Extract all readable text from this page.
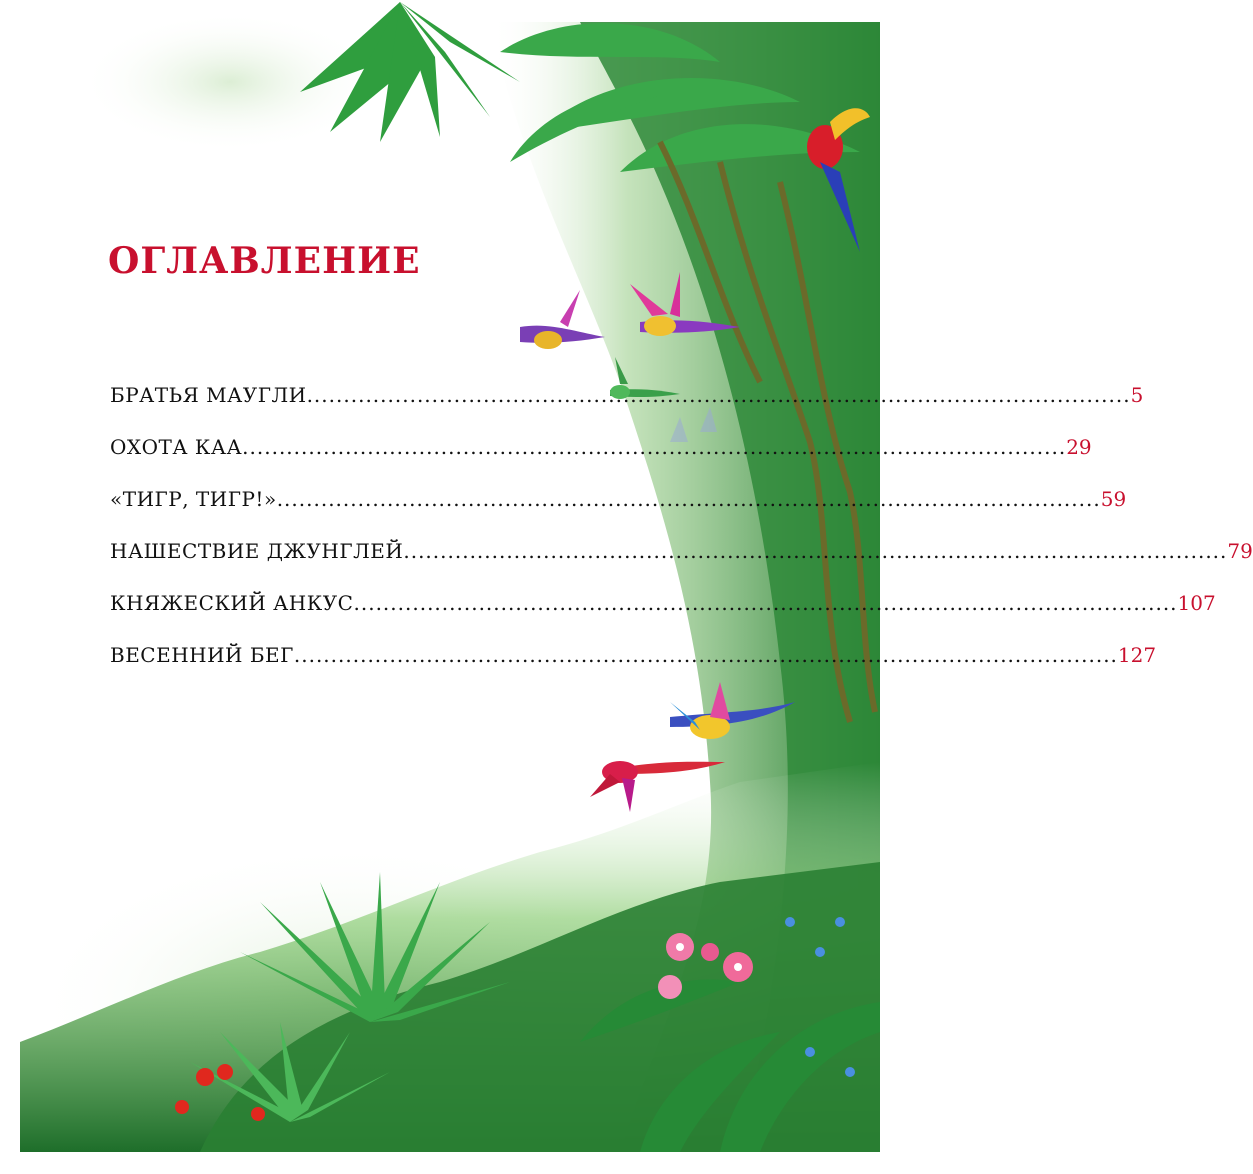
ОГЛАВЛЕНИЕ
БРАТЬЯ МАУГЛИ ................................................................................................................ 5
ОХОТА КАА ................................................................................................................ 29
«ТИГР, ТИГР!» ................................................................................................................ 59
НАШЕСТВИЕ ДЖУНГЛЕЙ ................................................................................................................ 79
КНЯЖЕСКИЙ АНКУС ................................................................................................................ 107
ВЕСЕННИЙ БЕГ ................................................................................................................ 127
